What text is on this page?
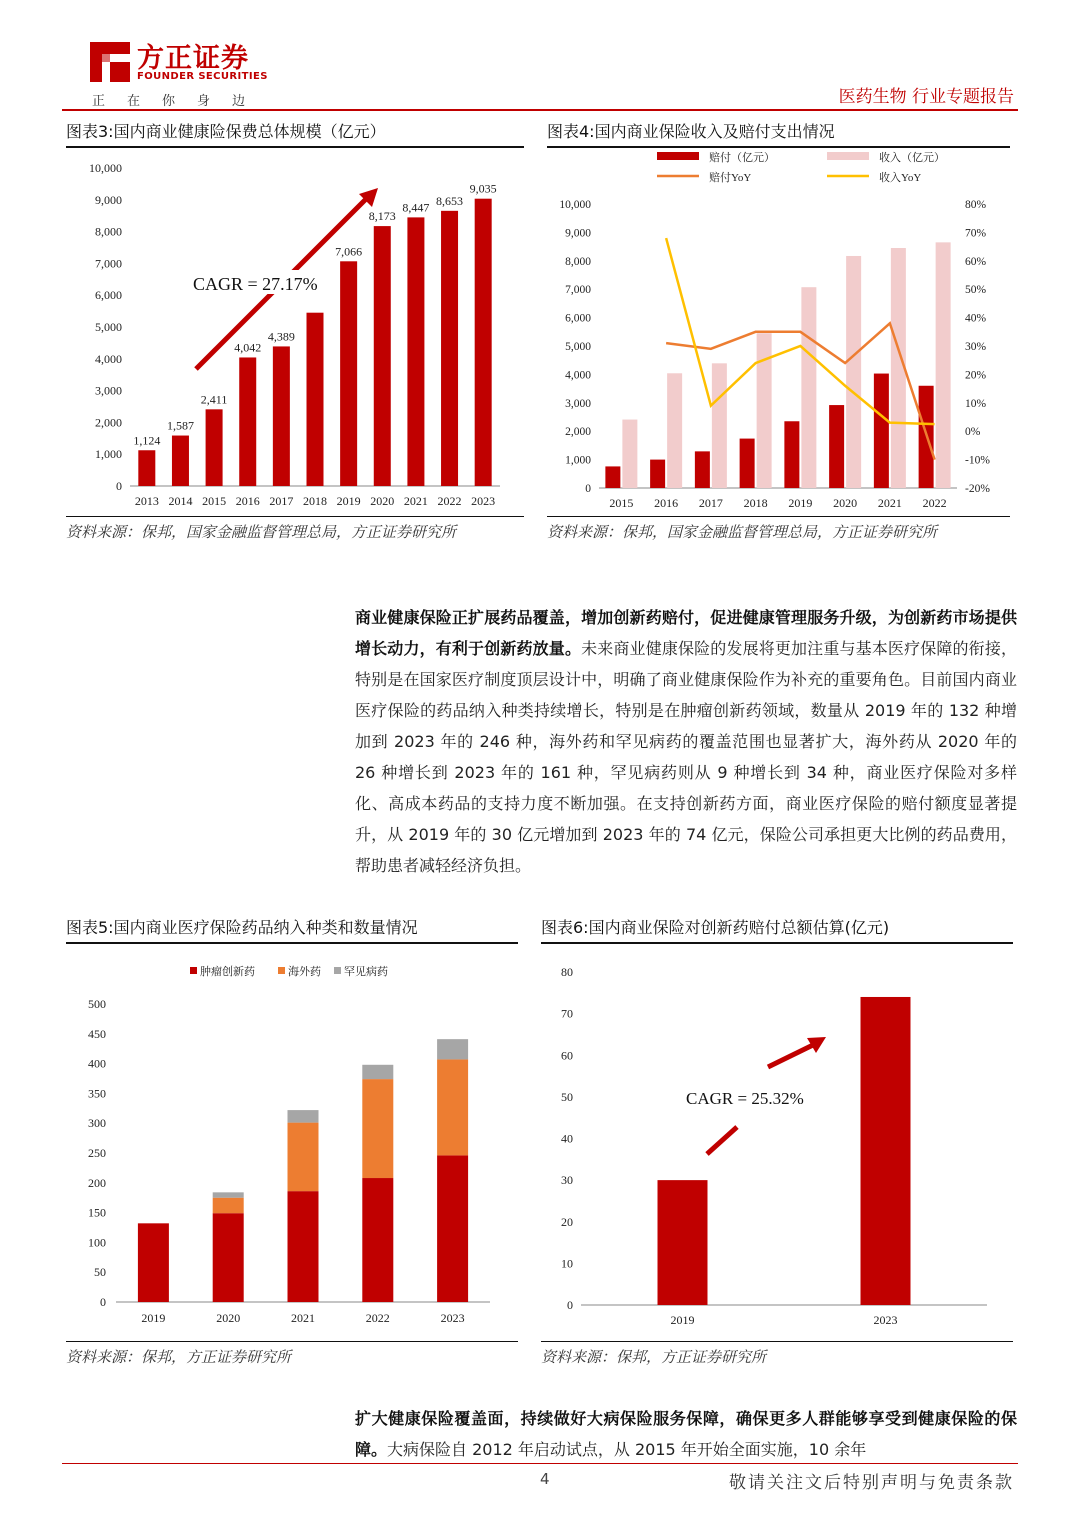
方正证券
FOUNDER SECURITIES
正在你身边	医药生物 行业专题报告
图表3:国内商业健康险保费总体规模（亿元）
0
1,000
2,000
3,000
4,000
5,000
6,000
7,000
8,000
9,000
10,000
1,124
2013
1,587
2014
2,411
2015
4,042
2016
4,389
2017 2018
7,066
2019
8,173
2020
8,447
2021
8,653
2022
9,035
2023
CAGR = 27.17%
资料来源：保邦，国家金融监督管理总局，方正证券研究所
图表4:国内商业保险收入及赔付支出情况
赔付（亿元）	收入（亿元）
赔付YoY	收入YoY
0
1,000
2,000
3,000
4,000
5,000
6,000
7,000
8,000
9,000
10,000
-20%
-10%
0%
10%
20%
30%
40%
50%
60%
70%
80%
2015 2016 2017 2018 2019 2020 2021 2022
资料来源：保邦，国家金融监督管理总局，方正证券研究所
商业健康保险正扩展药品覆盖，增加创新药赔付，促进健康管理服务升级，为创新药市场提供增长动力，有利于创新药放量。未来商业健康保险的发展将更加注重与基本医疗保障的衔接，特别是在国家医疗制度顶层设计中，明确了商业健康保险作为补充的重要角色。目前国内商业医疗保险的药品纳入种类持续增长，特别是在肿瘤创新药领域，数量从 2019 年的 132 种增加到 2023 年的 246 种，海外药和罕见病药的覆盖范围也显著扩大，海外药从 2020 年的 26 种增长到 2023 年的 161 种，罕见病药则从 9 种增长到 34 种，商业医疗保险对多样化、高成本药品的支持力度不断加强。在支持创新药方面，商业医疗保险的赔付额度显著提升，从 2019 年的 30 亿元增加到 2023 年的 74 亿元，保险公司承担更大比例的药品费用，帮助患者减轻经济负担。
图表5:国内商业医疗保险药品纳入种类和数量情况
肿瘤创新药	海外药 罕见病药
0
50
100
150
200
250
300
350
400
450
500
2019	2020	2021	2022	2023
资料来源：保邦，方正证券研究所
图表6:国内商业保险对创新药赔付总额估算(亿元)
0
10
20
30
40
50
60
70
80
2019	2023
CAGR = 25.32%
资料来源：保邦，方正证券研究所
扩大健康保险覆盖面，持续做好大病保险服务保障，确保更多人群能够享受到健康保险的保障。大病保险自 2012 年启动试点，从 2015 年开始全面实施，10 余年
4	敬请关注文后特别声明与免责条款
